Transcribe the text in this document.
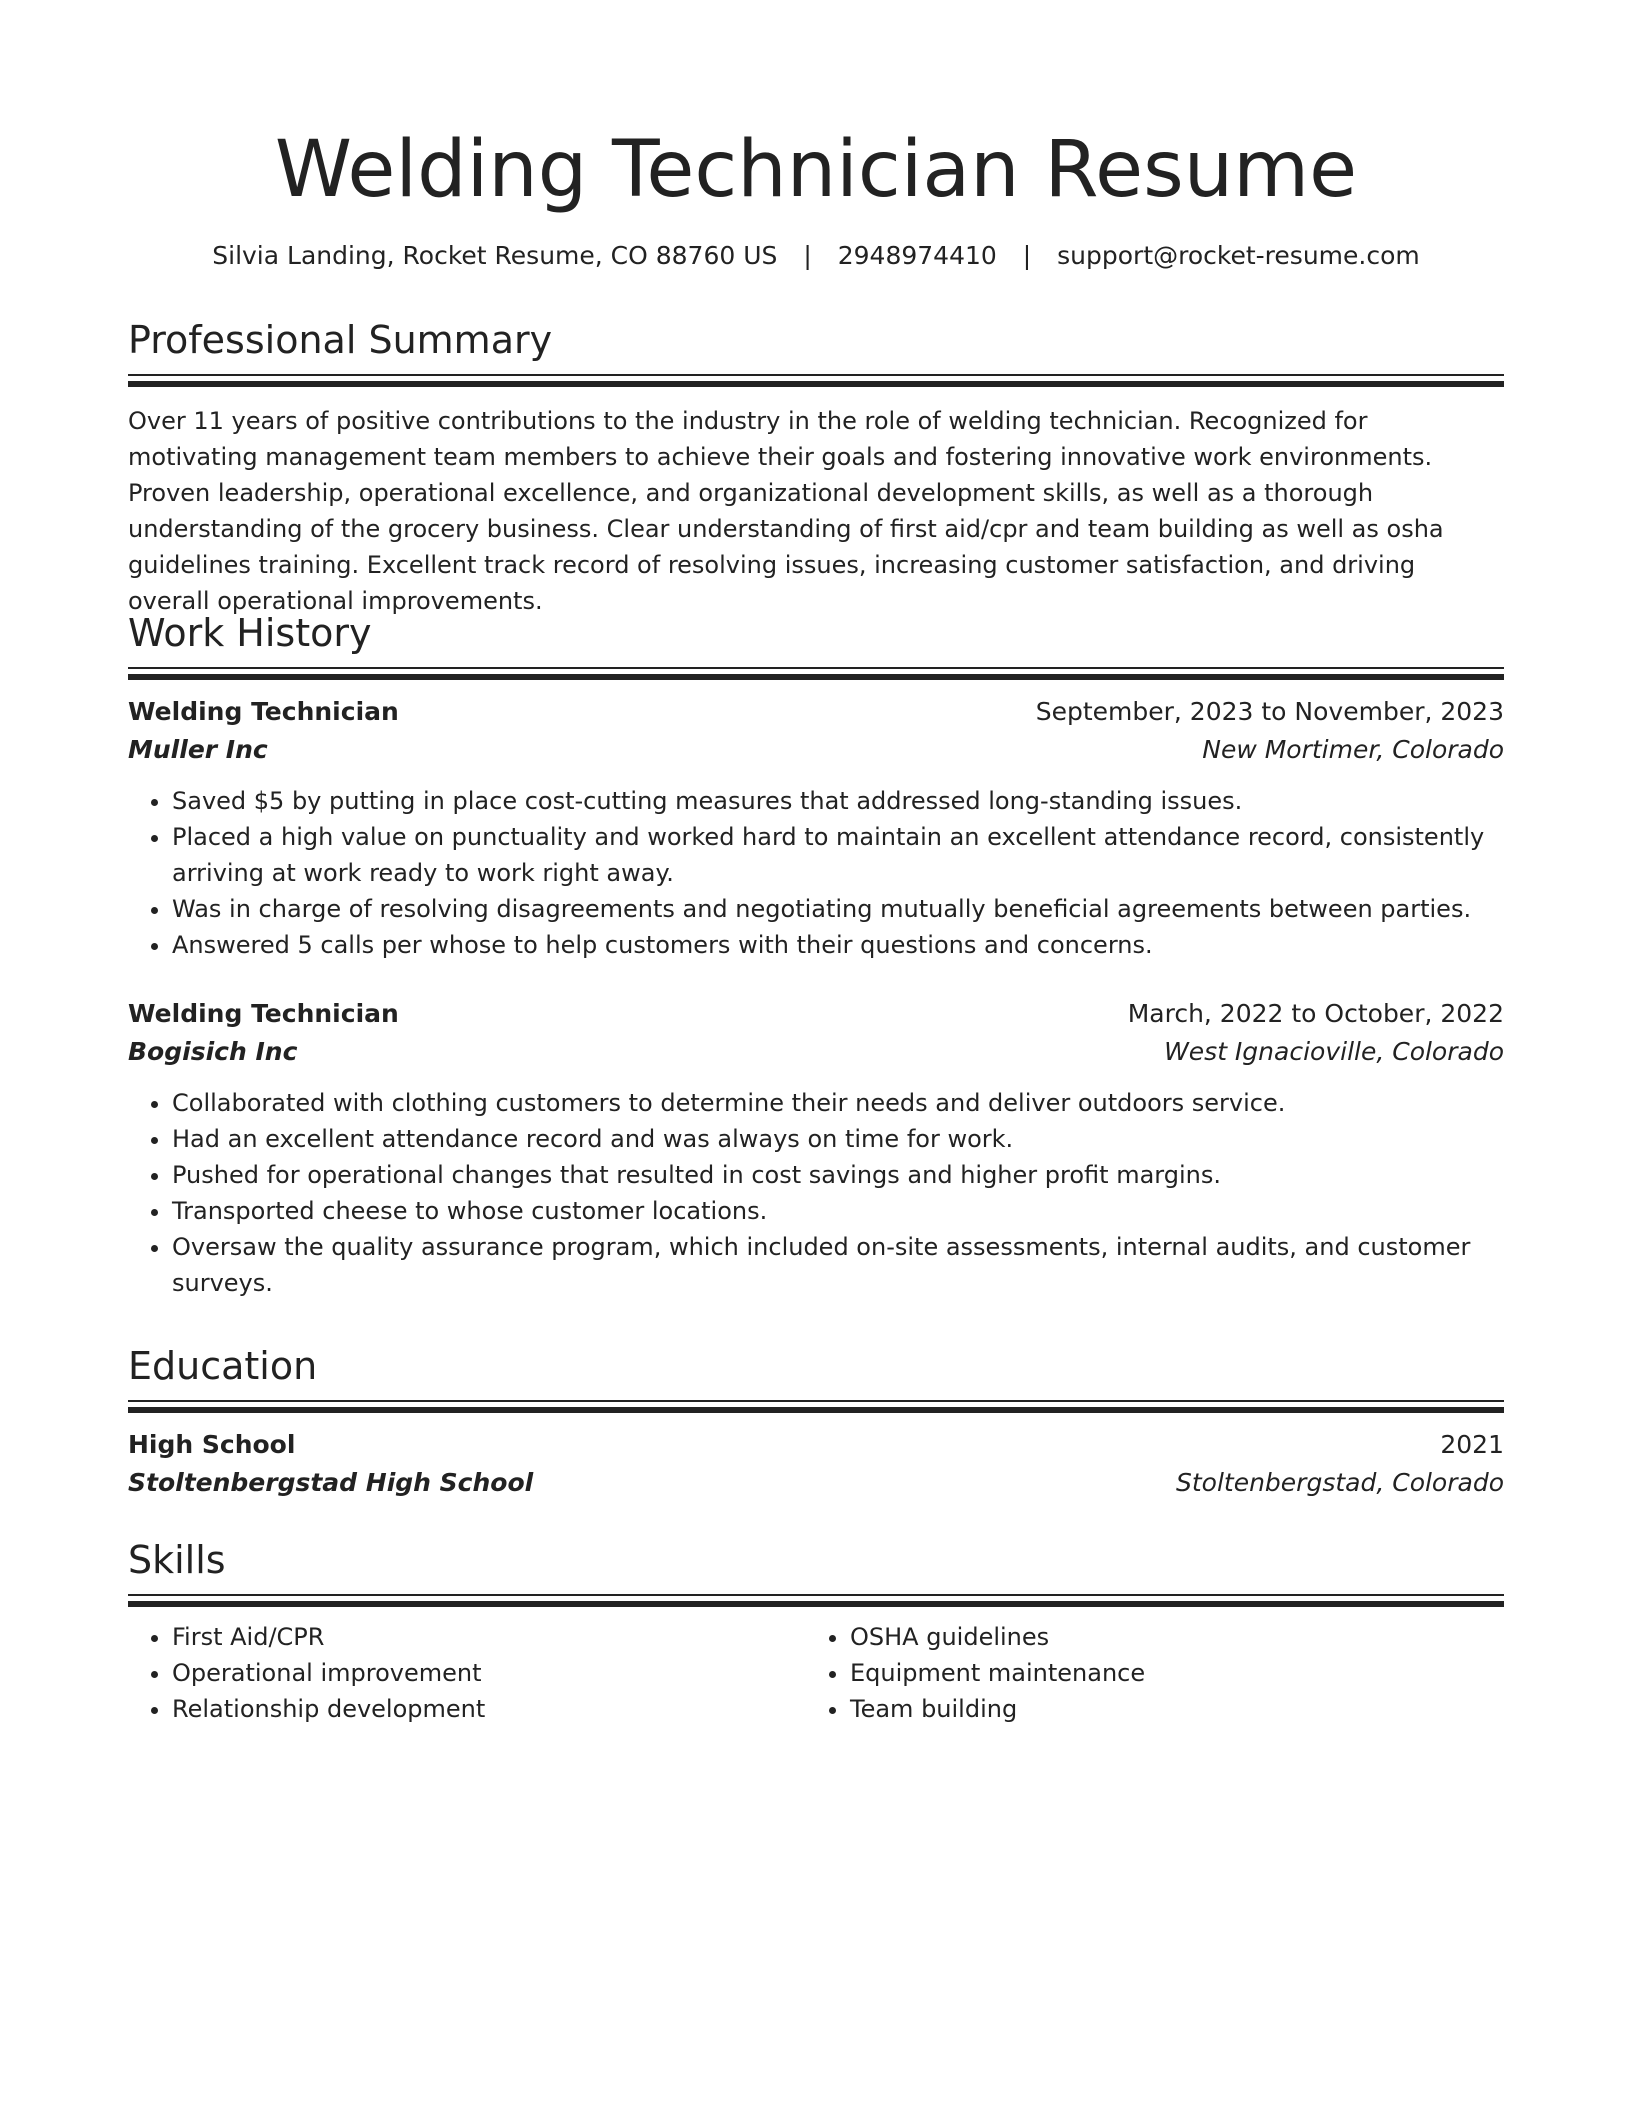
Welding Technician Resume
Silvia Landing, Rocket Resume, CO 88760 US | 2948974410 | support@rocket-resume.com
Professional Summary
Over 11 years of positive contributions to the industry in the role of welding technician. Recognized for motivating management team members to achieve their goals and fostering innovative work environments. Proven leadership, operational excellence, and organizational development skills, as well as a thorough understanding of the grocery business. Clear understanding of first aid/cpr and team building as well as osha guidelines training. Excellent track record of resolving issues, increasing customer satisfaction, and driving overall operational improvements.
Work History
Welding Technician	September, 2023 to November, 2023
Muller Inc	New Mortimer, Colorado
• Saved $5 by putting in place cost-cutting measures that addressed long-standing issues.
• Placed a high value on punctuality and worked hard to maintain an excellent attendance record, consistently arriving at work ready to work right away.
• Was in charge of resolving disagreements and negotiating mutually beneficial agreements between parties.
• Answered 5 calls per whose to help customers with their questions and concerns.
Welding Technician	March, 2022 to October, 2022
Bogisich Inc	West Ignacioville, Colorado
• Collaborated with clothing customers to determine their needs and deliver outdoors service.
• Had an excellent attendance record and was always on time for work.
• Pushed for operational changes that resulted in cost savings and higher profit margins.
• Transported cheese to whose customer locations.
• Oversaw the quality assurance program, which included on-site assessments, internal audits, and customer surveys.
Education
High School	2021
Stoltenbergstad High School	Stoltenbergstad, Colorado
Skills
• First Aid/CPR
• Operational improvement
• Relationship development
• OSHA guidelines
• Equipment maintenance
• Team building
